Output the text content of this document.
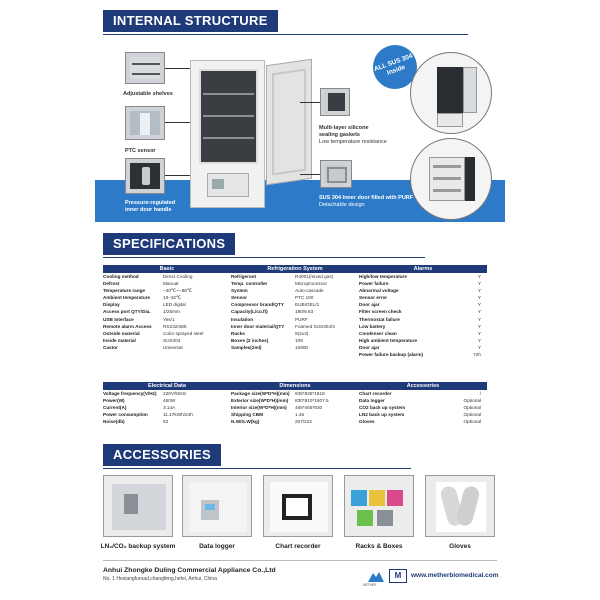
INTERNAL STRUCTURE
Adjustable shelves
PTC sensor
Pressure-regulated
inner door handle
Multi-layer silicone
sealing gaskets
Low temperature resistance
SUS 304 Inner door filled with PURF
Detachable design
ALL SUS 304 Inside
SPECIFICATIONS
Basic
Cooling method	Direct Cooling
Defrost	Manual
Temperature range	−40℃~−86℃
Ambient temperature	10–32℃
Display	LED digital
Access port QTY/Dia.	1/25mm
USB Interface	Yes/1
Remote alarm Access	RS232/485
Outside material	Color sprayed steel
Inside material	SUS304
Castor	Universal
Refrigeration System
Refrigerant	R4001(mixed gas)
Temp. controller	Microprocessor
System	Auto-cascade
Sensor	PTC 100
Compressor brand/QTY	EUBIGEL/1
Capacity(L/cu.ft)	180/6.63
Insulation	PURF
Inner door material/QTY	Foamed SUS304/3
Racks	9(4x3)
Boxes (2 inches)	108
Samples(2ml)	10800
Alarms
High/low temperature	Y
Power failure	Y
Abnormal voltage	Y
Sensor error	Y
Door ajar	Y
Filter screen check	Y
Thermostat failure	Y
Low battery	Y
Condenser clean	Y
High ambient temperature	Y
Door ajar	Y
Power failure backup (alarm)	72h
Electrical Data
Voltage frequency(V/Hz)	220V/50Hz
Power(W)	460W
Current(A)	3.14A
Power consumption	11.17kWh/24h
Noise(db)	52
Dimensions
Package size(W*D*H)(mm)	935*828*1818
Exterior size(W*D*H)(mm)	830*810*1607.5
Interior size(W*D*H)(mm)	465*465*830
Shipping CBM	1.46
N.W/G.W(kg)	207/222
Accessories
Chart recorder	/
Data logger	Optional
CO2 back up system	Optional
LN2 back up system	Optional
Gloves	Optional
ACCESSORIES
LN₂/CO₂ backup system	Data logger	Chart recorder	Racks & Boxes	Gloves
Anhui Zhongke Duling Commercial Appliance Co.,Ltd
No. 1 Hexiangfuroad,changfeng,hefei, Anhui, China
METHER
M	www.metherbiomedical.com
